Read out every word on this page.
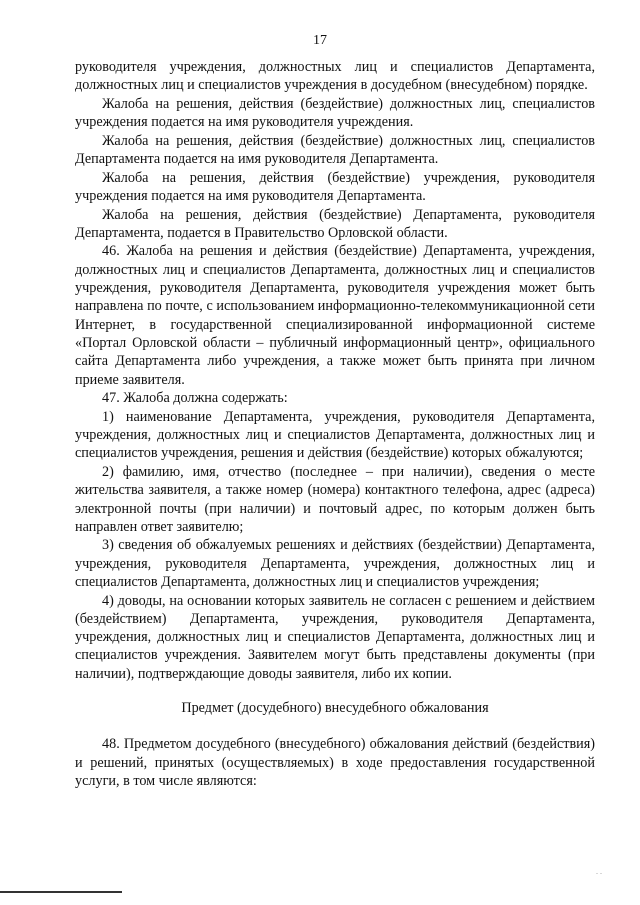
17

руководителя учреждения, должностных лиц и специалистов Департамента, должностных лиц и специалистов учреждения в досудебном (внесудебном) порядке.

Жалоба на решения, действия (бездействие) должностных лиц, специалистов учреждения подается на имя руководителя учреждения.

Жалоба на решения, действия (бездействие) должностных лиц, специалистов Департамента подается на имя руководителя Департамента.

Жалоба на решения, действия (бездействие) учреждения, руководителя учреждения подается на имя руководителя Департамента.

Жалоба на решения, действия (бездействие) Департамента, руководителя Департамента, подается в Правительство Орловской области.

46. Жалоба на решения и действия (бездействие) Департамента, учреждения, должностных лиц и специалистов Департамента, должностных лиц и специалистов учреждения, руководителя Департамента, руководителя учреждения может быть направлена по почте, с использованием информационно-телекоммуникационной сети Интернет, в государственной специализированной информационной системе «Портал Орловской области – публичный информационный центр», официального сайта Департамента либо учреждения, а также может быть принята при личном приеме заявителя.

47. Жалоба должна содержать:

1) наименование Департамента, учреждения, руководителя Департамента, учреждения, должностных лиц и специалистов Департамента, должностных лиц и специалистов учреждения, решения и действия (бездействие) которых обжалуются;

2) фамилию, имя, отчество (последнее – при наличии), сведения о месте жительства заявителя, а также номер (номера) контактного телефона, адрес (адреса) электронной почты (при наличии) и почтовый адрес, по которым должен быть направлен ответ заявителю;

3) сведения об обжалуемых решениях и действиях (бездействии) Департамента, учреждения, руководителя Департамента, учреждения, должностных лиц и специалистов Департамента, должностных лиц и специалистов учреждения;

4) доводы, на основании которых заявитель не согласен с решением и действием (бездействием) Департамента, учреждения, руководителя Департамента, учреждения, должностных лиц и специалистов Департамента, должностных лиц и специалистов учреждения. Заявителем могут быть представлены документы (при наличии), подтверждающие доводы заявителя, либо их копии.

Предмет (досудебного) внесудебного обжалования

48. Предметом досудебного (внесудебного) обжалования действий (бездействия) и решений, принятых (осуществляемых) в ходе предоставления государственной услуги, в том числе являются:

. .
